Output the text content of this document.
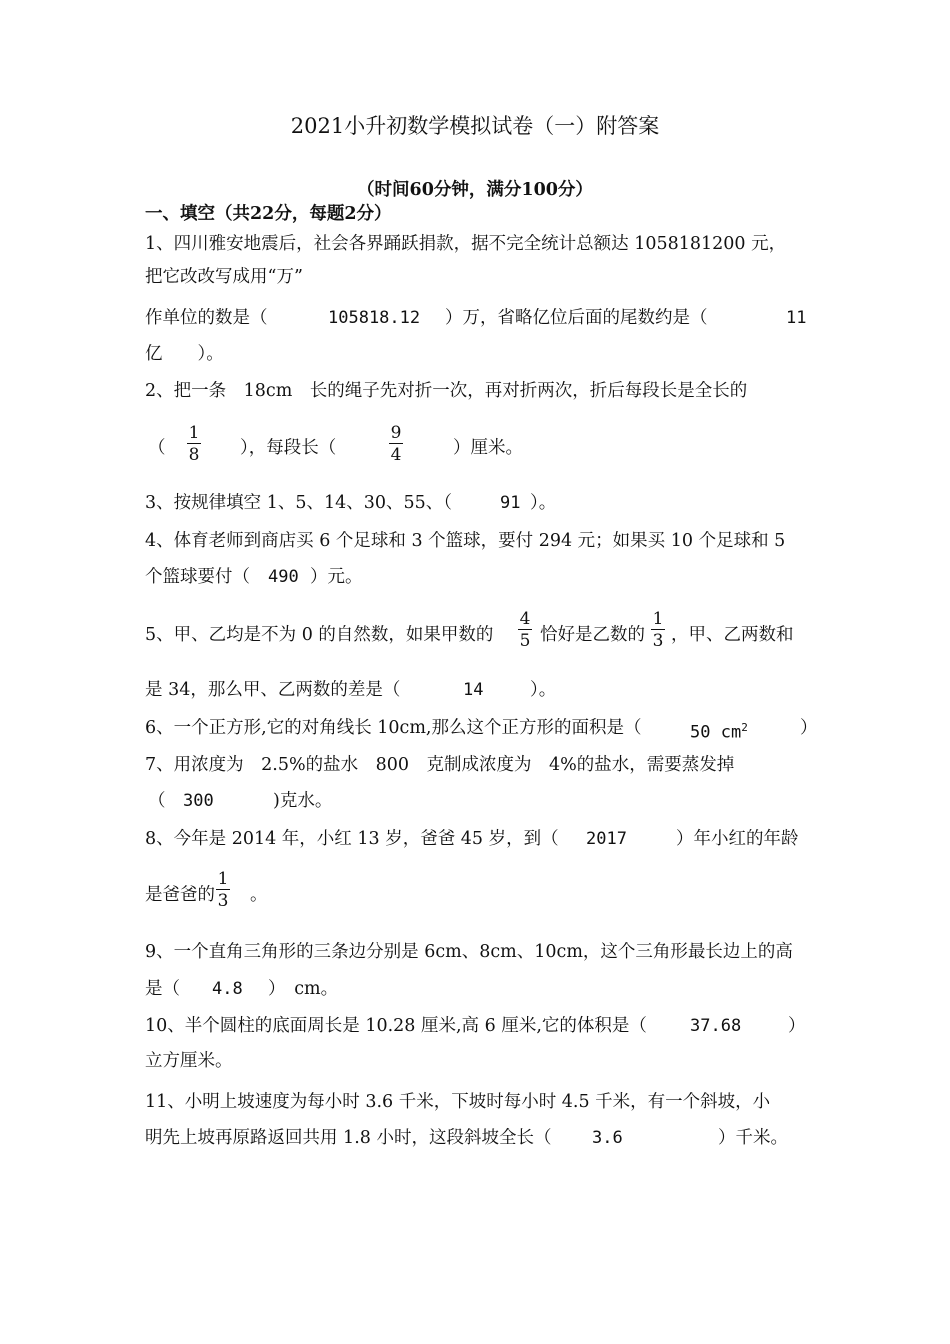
2021小升初数学模拟试卷（一）附答案
（时间60分钟，满分100分）
一、填空（共22分，每题2分）
1、四川雅安地震后，社会各界踊跃捐款，据不完全统计总额达 1058181200 元，
把它改改写成用“万”
作单位的数是（	105818.12 ）万，省略亿位后面的尾数约是（	11
亿　　）。
2、把一条　18cm　长的绳子先对折一次，再对折两次，折后每段长是全长的
（
1
8 ），每段长（
9
4	）厘米。
3、按规律填空 1、5、14、30、55、（	91 ）。
4、体育老师到商店买 6 个足球和 3 个篮球，要付 294 元；如果买 10 个足球和 5
个篮球要付（ 490 ）元。
5、甲、乙均是不为 0 的自然数，如果甲数的
4
5 恰好是乙数的
1
3 ，甲、乙两数和
是 34，那么甲、乙两数的差是（	14	）。
6、一个正方形,它的对角线长 10cm,那么这个正方形的面积是（	50 $cm^2$	）
7、用浓度为　2.5%的盐水　800　克制成浓度为　4%的盐水，需要蒸发掉
（ 300	)克水。
8、今年是 2014 年，小红 13 岁，爸爸 45 岁，到（ 2017	）年小红的年龄
是爸爸的
1
3 。
9、一个直角三角形的三条边分别是 6cm、8cm、10cm，这个三角形最长边上的高
是（ 4.8 ）　cm。
10、半个圆柱的底面周长是 10.28 厘米,高 6 厘米,它的体积是（	37.68	）
立方厘米。
11、小明上坡速度为每小时 3.6 千米，下坡时每小时 4.5 千米，有一个斜坡，小
明先上坡再原路返回共用 1.8 小时，这段斜坡全长（ 3.6	）千米。
